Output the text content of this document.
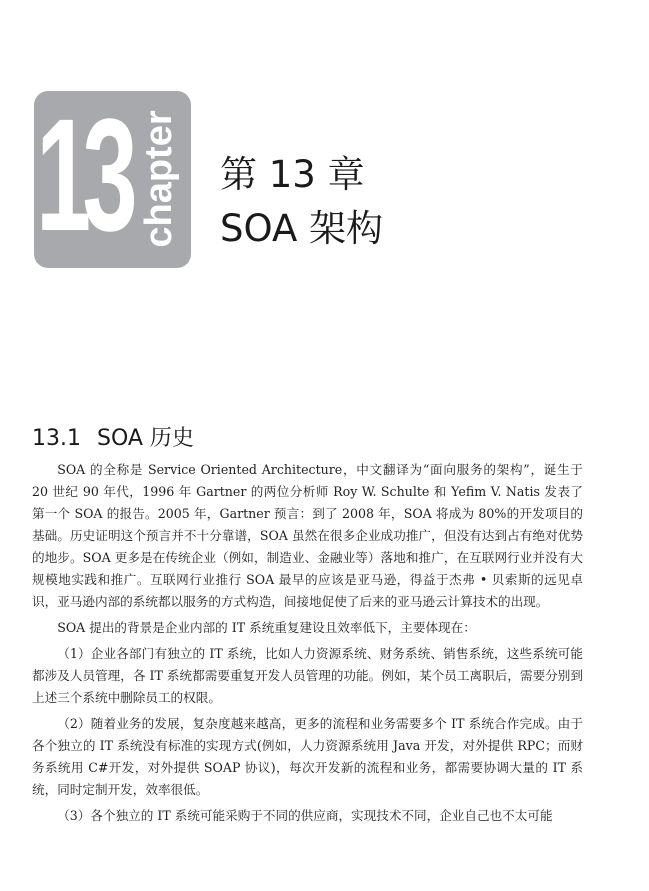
13 chapter 第 13 章
SOA 架构
13.1 SOA 历史

SOA 的全称是 Service Oriented Architecture，中文翻译为“面向服务的架构”，诞生于 20 世纪 90 年代，1996 年 Gartner 的两位分析师 Roy W. Schulte 和 Yefim V. Natis 发表了第一个 SOA 的报告。2005 年，Gartner 预言：到了 2008 年，SOA 将成为 80%的开发项目的基础。历史证明这个预言并不十分靠谱，SOA 虽然在很多企业成功推广，但没有达到占有绝对优势的地步。SOA 更多是在传统企业（例如，制造业、金融业等）落地和推广，在互联网行业并没有大规模地实践和推广。互联网行业推行 SOA 最早的应该是亚马逊，得益于杰弗 • 贝索斯的远见卓识，亚马逊内部的系统都以服务的方式构造，间接地促使了后来的亚马逊云计算技术的出现。

SOA 提出的背景是企业内部的 IT 系统重复建设且效率低下，主要体现在：

（1）企业各部门有独立的 IT 系统，比如人力资源系统、财务系统、销售系统，这些系统可能都涉及人员管理，各 IT 系统都需要重复开发人员管理的功能。例如，某个员工离职后，需要分别到上述三个系统中删除员工的权限。

（2）随着业务的发展，复杂度越来越高，更多的流程和业务需要多个 IT 系统合作完成。由于各个独立的 IT 系统没有标准的实现方式(例如，人力资源系统用 Java 开发，对外提供 RPC；而财务系统用 C#开发，对外提供 SOAP 协议)，每次开发新的流程和业务，都需要协调大量的 IT 系统，同时定制开发，效率很低。

（3）各个独立的 IT 系统可能采购于不同的供应商，实现技术不同，企业自己也不太可能
